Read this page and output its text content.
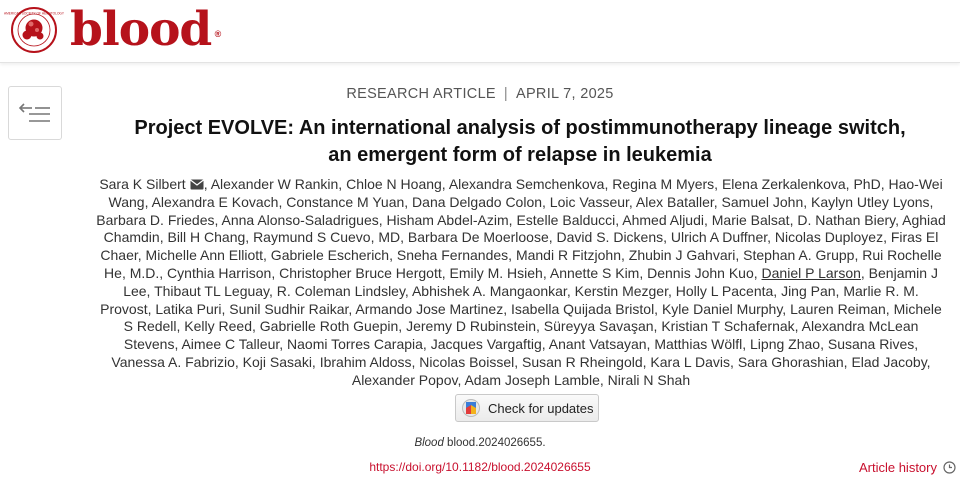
AMERICAN SOCIETY OF HEMATOLOGY blood ®
RESEARCH ARTICLE | APRIL 7, 2025
Project EVOLVE: An international analysis of postimmunotherapy lineage switch,
an emergent form of relapse in leukemia
Sara K Silbert , Alexander W Rankin, Chloe N Hoang, Alexandra Semchenkova, Regina M Myers, Elena Zerkalenkova, PhD, Hao-Wei Wang, Alexandra E Kovach, Constance M Yuan, Dana Delgado Colon, Loic Vasseur, Alex Bataller, Samuel John, Kaylyn Utley Lyons, Barbara D. Friedes, Anna Alonso-Saladrigues, Hisham Abdel-Azim, Estelle Balducci, Ahmed Aljudi, Marie Balsat, D. Nathan Biery, Aghiad Chamdin, Bill H Chang, Raymund S Cuevo, MD, Barbara De Moerloose, David S. Dickens, Ulrich A Duffner, Nicolas Duployez, Firas El Chaer, Michelle Ann Elliott, Gabriele Escherich, Sneha Fernandes, Mandi R Fitzjohn, Zhubin J Gahvari, Stephan A. Grupp, Rui Rochelle He, M.D., Cynthia Harrison, Christopher Bruce Hergott, Emily M. Hsieh, Annette S Kim, Dennis John Kuo, Daniel P Larson, Benjamin J Lee, Thibaut TL Leguay, R. Coleman Lindsley, Abhishek A. Mangaonkar, Kerstin Mezger, Holly L Pacenta, Jing Pan, Marlie R. M. Provost, Latika Puri, Sunil Sudhir Raikar, Armando Jose Martinez, Isabella Quijada Bristol, Kyle Daniel Murphy, Lauren Reiman, Michele S Redell, Kelly Reed, Gabrielle Roth Guepin, Jeremy D Rubinstein, Süreyya Savaşan, Kristian T Schafernak, Alexandra McLean Stevens, Aimee C Talleur, Naomi Torres Carapia, Jacques Vargaftig, Anant Vatsayan, Matthias Wölfl, Lipng Zhao, Susana Rives, Vanessa A. Fabrizio, Koji Sasaki, Ibrahim Aldoss, Nicolas Boissel, Susan R Rheingold, Kara L Davis, Sara Ghorashian, Elad Jacoby, Alexander Popov, Adam Joseph Lamble, Nirali N Shah
Check for updates
Blood blood.2024026655.
https://doi.org/10.1182/blood.2024026655	Article history
